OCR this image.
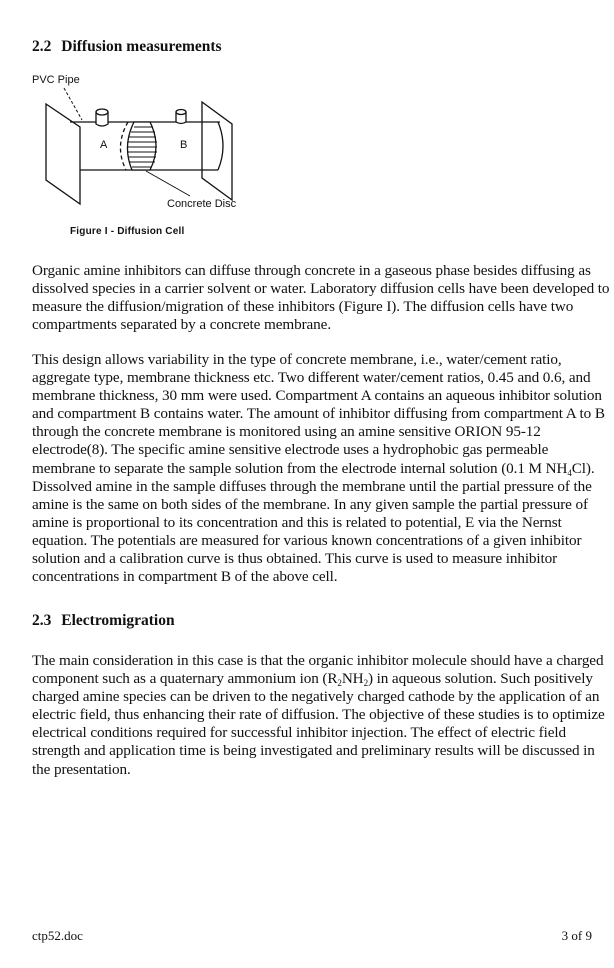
2.2 Diffusion measurements
PVC Pipe
A	B
Concrete Disc
Figure I - Diffusion Cell

Organic amine inhibitors can diffuse through concrete in a gaseous phase besides diffusing as dissolved species in a carrier solvent or water. Laboratory diffusion cells have been developed to measure the diffusion/migration of these inhibitors (Figure I). The diffusion cells have two compartments separated by a concrete membrane.

This design allows variability in the type of concrete membrane, i.e., water/cement ratio, aggregate type, membrane thickness etc. Two different water/cement ratios, 0.45 and 0.6, and membrane thickness, 30 mm were used. Compartment A contains an aqueous inhibitor solution and compartment B contains water. The amount of inhibitor diffusing from compartment A to B through the concrete membrane is monitored using an amine sensitive ORION 95-12 electrode(8). The specific amine sensitive electrode uses a hydrophobic gas permeable membrane to separate the sample solution from the electrode internal solution (0.1 M $NH_4Cl$). Dissolved amine in the sample diffuses through the membrane until the partial pressure of the amine is the same on both sides of the membrane. In any given sample the partial pressure of amine is proportional to its concentration and this is related to potential, E via the Nernst equation. The potentials are measured for various known concentrations of a given inhibitor solution and a calibration curve is thus obtained. This curve is used to measure inhibitor concentrations in compartment B of the above cell.

2.3 Electromigration

The main consideration in this case is that the organic inhibitor molecule should have a charged component such as a quaternary ammonium ion $(R_2NH_2)$ in aqueous solution. Such positively charged amine species can be driven to the negatively charged cathode by the application of an electric field, thus enhancing their rate of diffusion. The objective of these studies is to optimize electrical conditions required for successful inhibitor injection. The effect of electric field strength and application time is being investigated and preliminary results will be discussed in the presentation.

ctp52.doc	3 of 9
